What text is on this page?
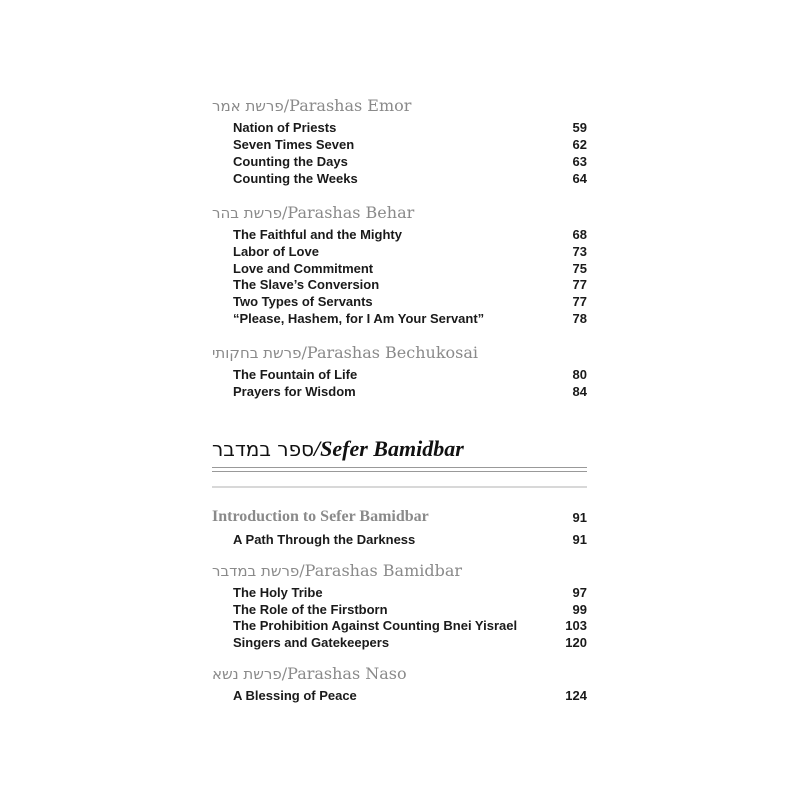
פרשת אמר/Parashas Emor
Nation of Priests	59
Seven Times Seven	62
Counting the Days	63
Counting the Weeks	64
פרשת בהר/Parashas Behar
The Faithful and the Mighty	68
Labor of Love	73
Love and Commitment	75
The Slave’s Conversion	77
Two Types of Servants	77
“Please, Hashem, for I Am Your Servant”	78
פרשת בחקותי/Parashas Bechukosai
The Fountain of Life	80
Prayers for Wisdom	84
ספר במדבר/Sefer Bamidbar
Introduction to Sefer Bamidbar	91
A Path Through the Darkness	91
פרשת במדבר/Parashas Bamidbar
The Holy Tribe	97
The Role of the Firstborn	99
The Prohibition Against Counting Bnei Yisrael	103
Singers and Gatekeepers	120
פרשת נשא/Parashas Naso
A Blessing of Peace	124
